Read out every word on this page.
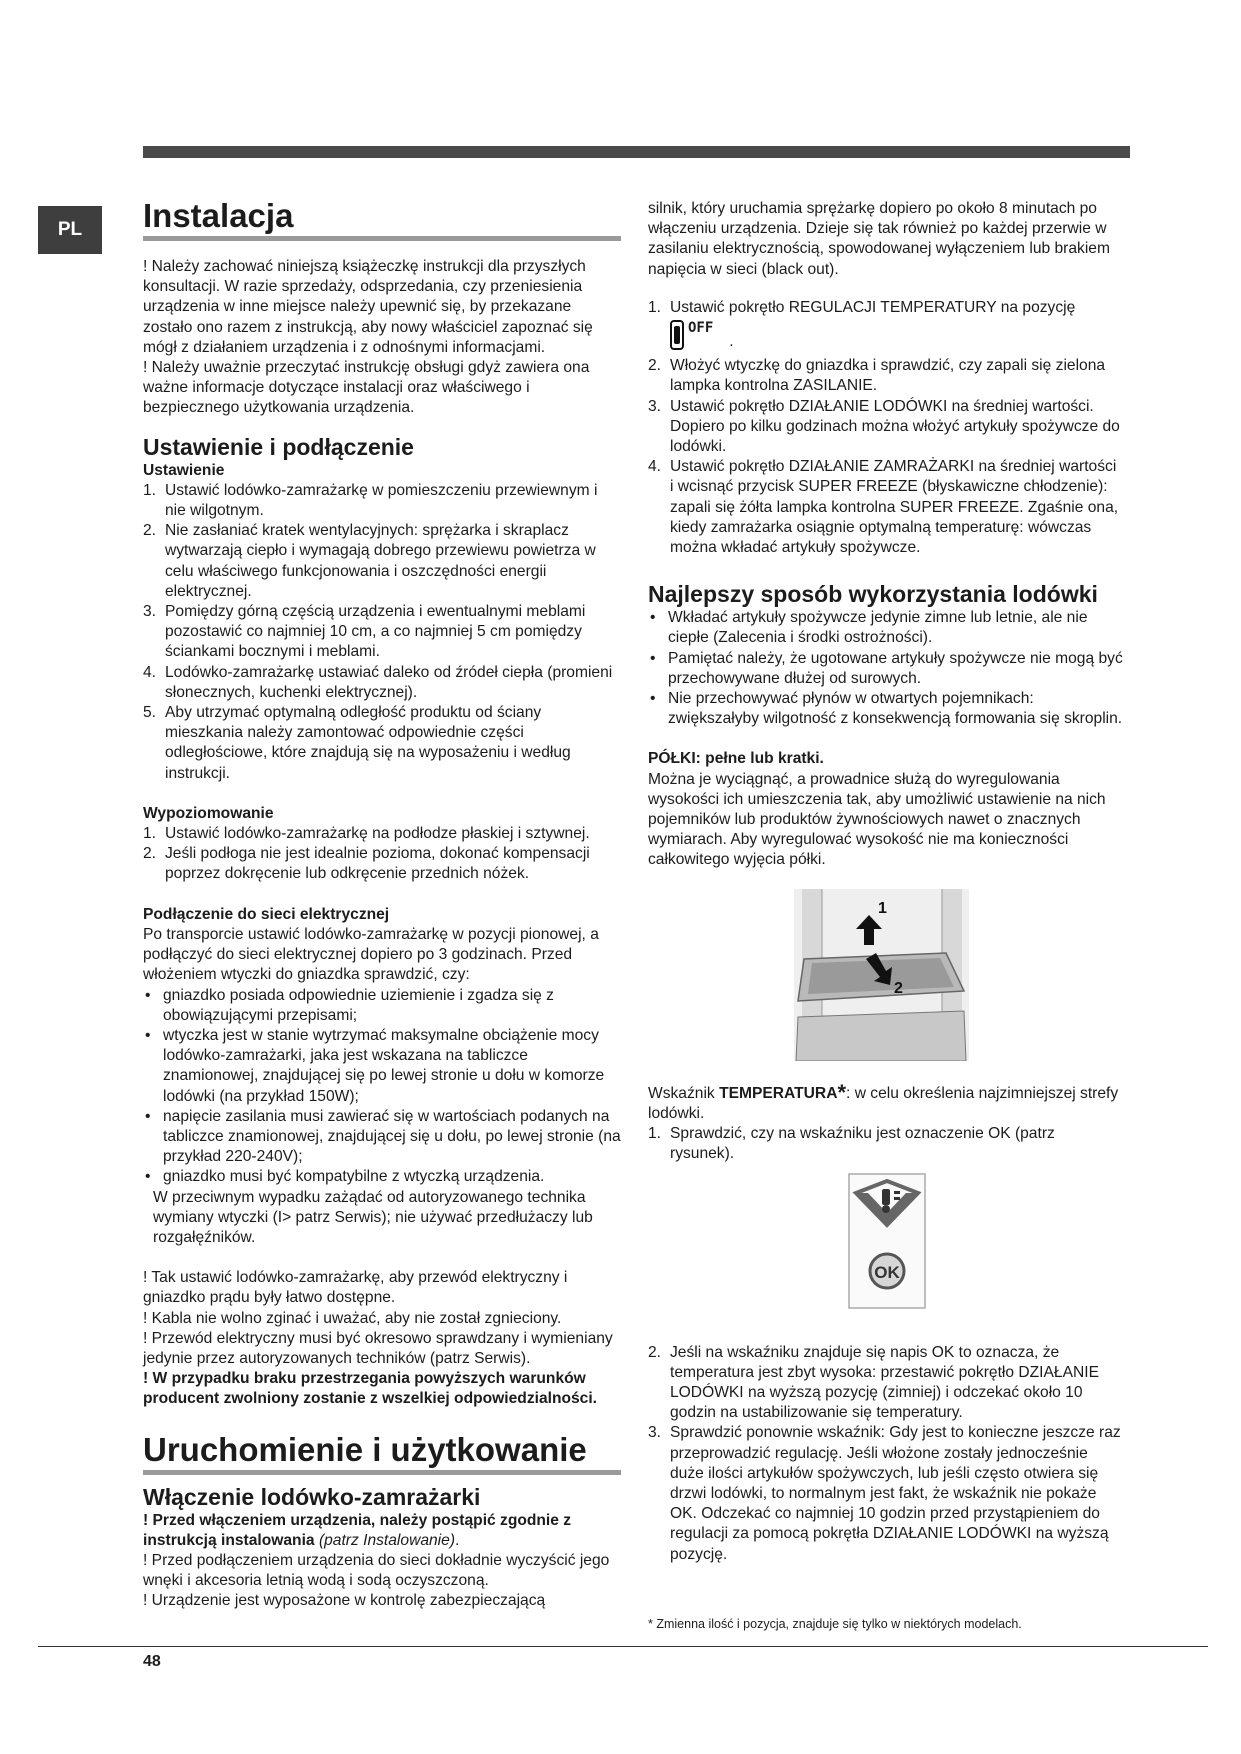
PL	Instalacja

! Należy zachować niniejszą książeczkę instrukcji dla przyszłych konsultacji. W razie sprzedaży, odsprzedania, czy przeniesienia urządzenia w inne miejsce należy upewnić się, by przekazane zostało ono razem z instrukcją, aby nowy właściciel zapoznać się mógł z działaniem urządzenia i z odnośnymi informacjami.

! Należy uważnie przeczytać instrukcję obsługi gdyż zawiera ona ważne informacje dotyczące instalacji oraz właściwego i bezpiecznego użytkowania urządzenia.

Ustawienie i podłączenie

Ustawienie

1. Ustawić lodówko-zamrażarkę w pomieszczeniu przewiewnym i nie wilgotnym.
2. Nie zasłaniać kratek wentylacyjnych: sprężarka i skraplacz wytwarzają ciepło i wymagają dobrego przewiewu powietrza w celu właściwego funkcjonowania i oszczędności energii elektrycznej.
3. Pomiędzy górną częścią urządzenia i ewentualnymi meblami pozostawić co najmniej 10 cm, a co najmniej 5 cm pomiędzy ściankami bocznymi i meblami.
4. Lodówko-zamrażarkę ustawiać daleko od źródeł ciepła (promieni słonecznych, kuchenki elektrycznej).
5. Aby utrzymać optymalną odległość produktu od ściany mieszkania należy zamontować odpowiednie części odległościowe, które znajdują się na wyposażeniu i według instrukcji.

Wypoziomowanie

1. Ustawić lodówko-zamrażarkę na podłodze płaskiej i sztywnej.
2. Jeśli podłoga nie jest idealnie pozioma, dokonać kompensacji poprzez dokręcenie lub odkręcenie przednich nóżek.

Podłączenie do sieci elektrycznej

Po transporcie ustawić lodówko-zamrażarkę w pozycji pionowej, a podłączyć do sieci elektrycznej dopiero po 3 godzinach. Przed włożeniem wtyczki do gniazdka sprawdzić, czy:

• gniazdko posiada odpowiednie uziemienie i zgadza się z obowiązującymi przepisami;
• wtyczka jest w stanie wytrzymać maksymalne obciążenie mocy lodówko-zamrażarki, jaka jest wskazana na tabliczce znamionowej, znajdującej się po lewej stronie u dołu w komorze lodówki (na przykład 150W);
• napięcie zasilania musi zawierać się w wartościach podanych na tabliczce znamionowej, znajdującej się u dołu, po lewej stronie (na przykład 220-240V);
• gniazdko musi być kompatybilne z wtyczką urządzenia.

W przeciwnym wypadku zażądać od autoryzowanego technika wymiany wtyczki (I> patrz Serwis); nie używać przedłużaczy lub rozgałęźników.

! Tak ustawić lodówko-zamrażarkę, aby przewód elektryczny i gniazdko prądu były łatwo dostępne.

! Kabla nie wolno zginać i uważać, aby nie został zgnieciony.

! Przewód elektryczny musi być okresowo sprawdzany i wymieniany jedynie przez autoryzowanych techników (patrz Serwis).

! W przypadku braku przestrzegania powyższych warunków producent zwolniony zostanie z wszelkiej odpowiedzialności.

Uruchomienie i użytkowanie
Włączenie lodówko-zamrażarki

! Przed włączeniem urządzenia, należy postąpić zgodnie z instrukcją instalowania (patrz Instalowanie).

! Przed podłączeniem urządzenia do sieci dokładnie wyczyścić jego wnęki i akcesoria letnią wodą i sodą oczyszczoną.

! Urządzenie jest wyposażone w kontrolę zabezpieczającą

silnik, który uruchamia sprężarkę dopiero po około 8 minutach po włączeniu urządzenia. Dzieje się tak również po każdej przerwie w zasilaniu elektrycznością, spowodowanej wyłączeniem lub brakiem napięcia w sieci (black out).

1. Ustawić pokrętło REGULACJI TEMPERATURY na pozycję

OFF
.
2. Włożyć wtyczkę do gniazdka i sprawdzić, czy zapali się zielona lampka kontrolna ZASILANIE.
3. Ustawić pokrętło DZIAŁANIE LODÓWKI na średniej wartości. Dopiero po kilku godzinach można włożyć artykuły spożywcze do lodówki.
4. Ustawić pokrętło DZIAŁANIE ZAMRAŻARKI na średniej wartości i wcisnąć przycisk SUPER FREEZE (błyskawiczne chłodzenie): zapali się żółta lampka kontrolna SUPER FREEZE. Zgaśnie ona, kiedy zamrażarka osiągnie optymalną temperaturę: wówczas można wkładać artykuły spożywcze.
Najlepszy sposób wykorzystania lodówki
• Wkładać artykuły spożywcze jedynie zimne lub letnie, ale nie ciepłe (Zalecenia i środki ostrożności).
• Pamiętać należy, że ugotowane artykuły spożywcze nie mogą być przechowywane dłużej od surowych.
• Nie przechowywać płynów w otwartych pojemnikach: zwiększałyby wilgotność z konsekwencją formowania się skroplin.

PÓŁKI: pełne lub kratki.

Można je wyciągnąć, a prowadnice służą do wyregulowania wysokości ich umieszczenia tak, aby umożliwić ustawienie na nich pojemników lub produktów żywnościowych nawet o znacznych wymiarach. Aby wyregulować wysokość nie ma konieczności całkowitego wyjęcia półki.

1
2

Wskaźnik TEMPERATURA*: w celu określenia najzimniejszej strefy lodówki.

1. Sprawdzić, czy na wskaźniku jest oznaczenie OK (patrz rysunek).
OK
2. Jeśli na wskaźniku znajduje się napis OK to oznacza, że temperatura jest zbyt wysoka: przestawić pokrętło DZIAŁANIE LODÓWKI na wyższą pozycję (zimniej) i odczekać około 10 godzin na ustabilizowanie się temperatury.
3. Sprawdzić ponownie wskaźnik: Gdy jest to konieczne jeszcze raz przeprowadzić regulację. Jeśli włożone zostały jednocześnie duże ilości artykułów spożywczych, lub jeśli często otwiera się drzwi lodówki, to normalnym jest fakt, że wskaźnik nie pokaże OK. Odczekać co najmniej 10 godzin przed przystąpieniem do regulacji za pomocą pokrętła DZIAŁANIE LODÓWKI na wyższą pozycję.
* Zmienna ilość i pozycja, znajduje się tylko w niektórych modelach.
48
